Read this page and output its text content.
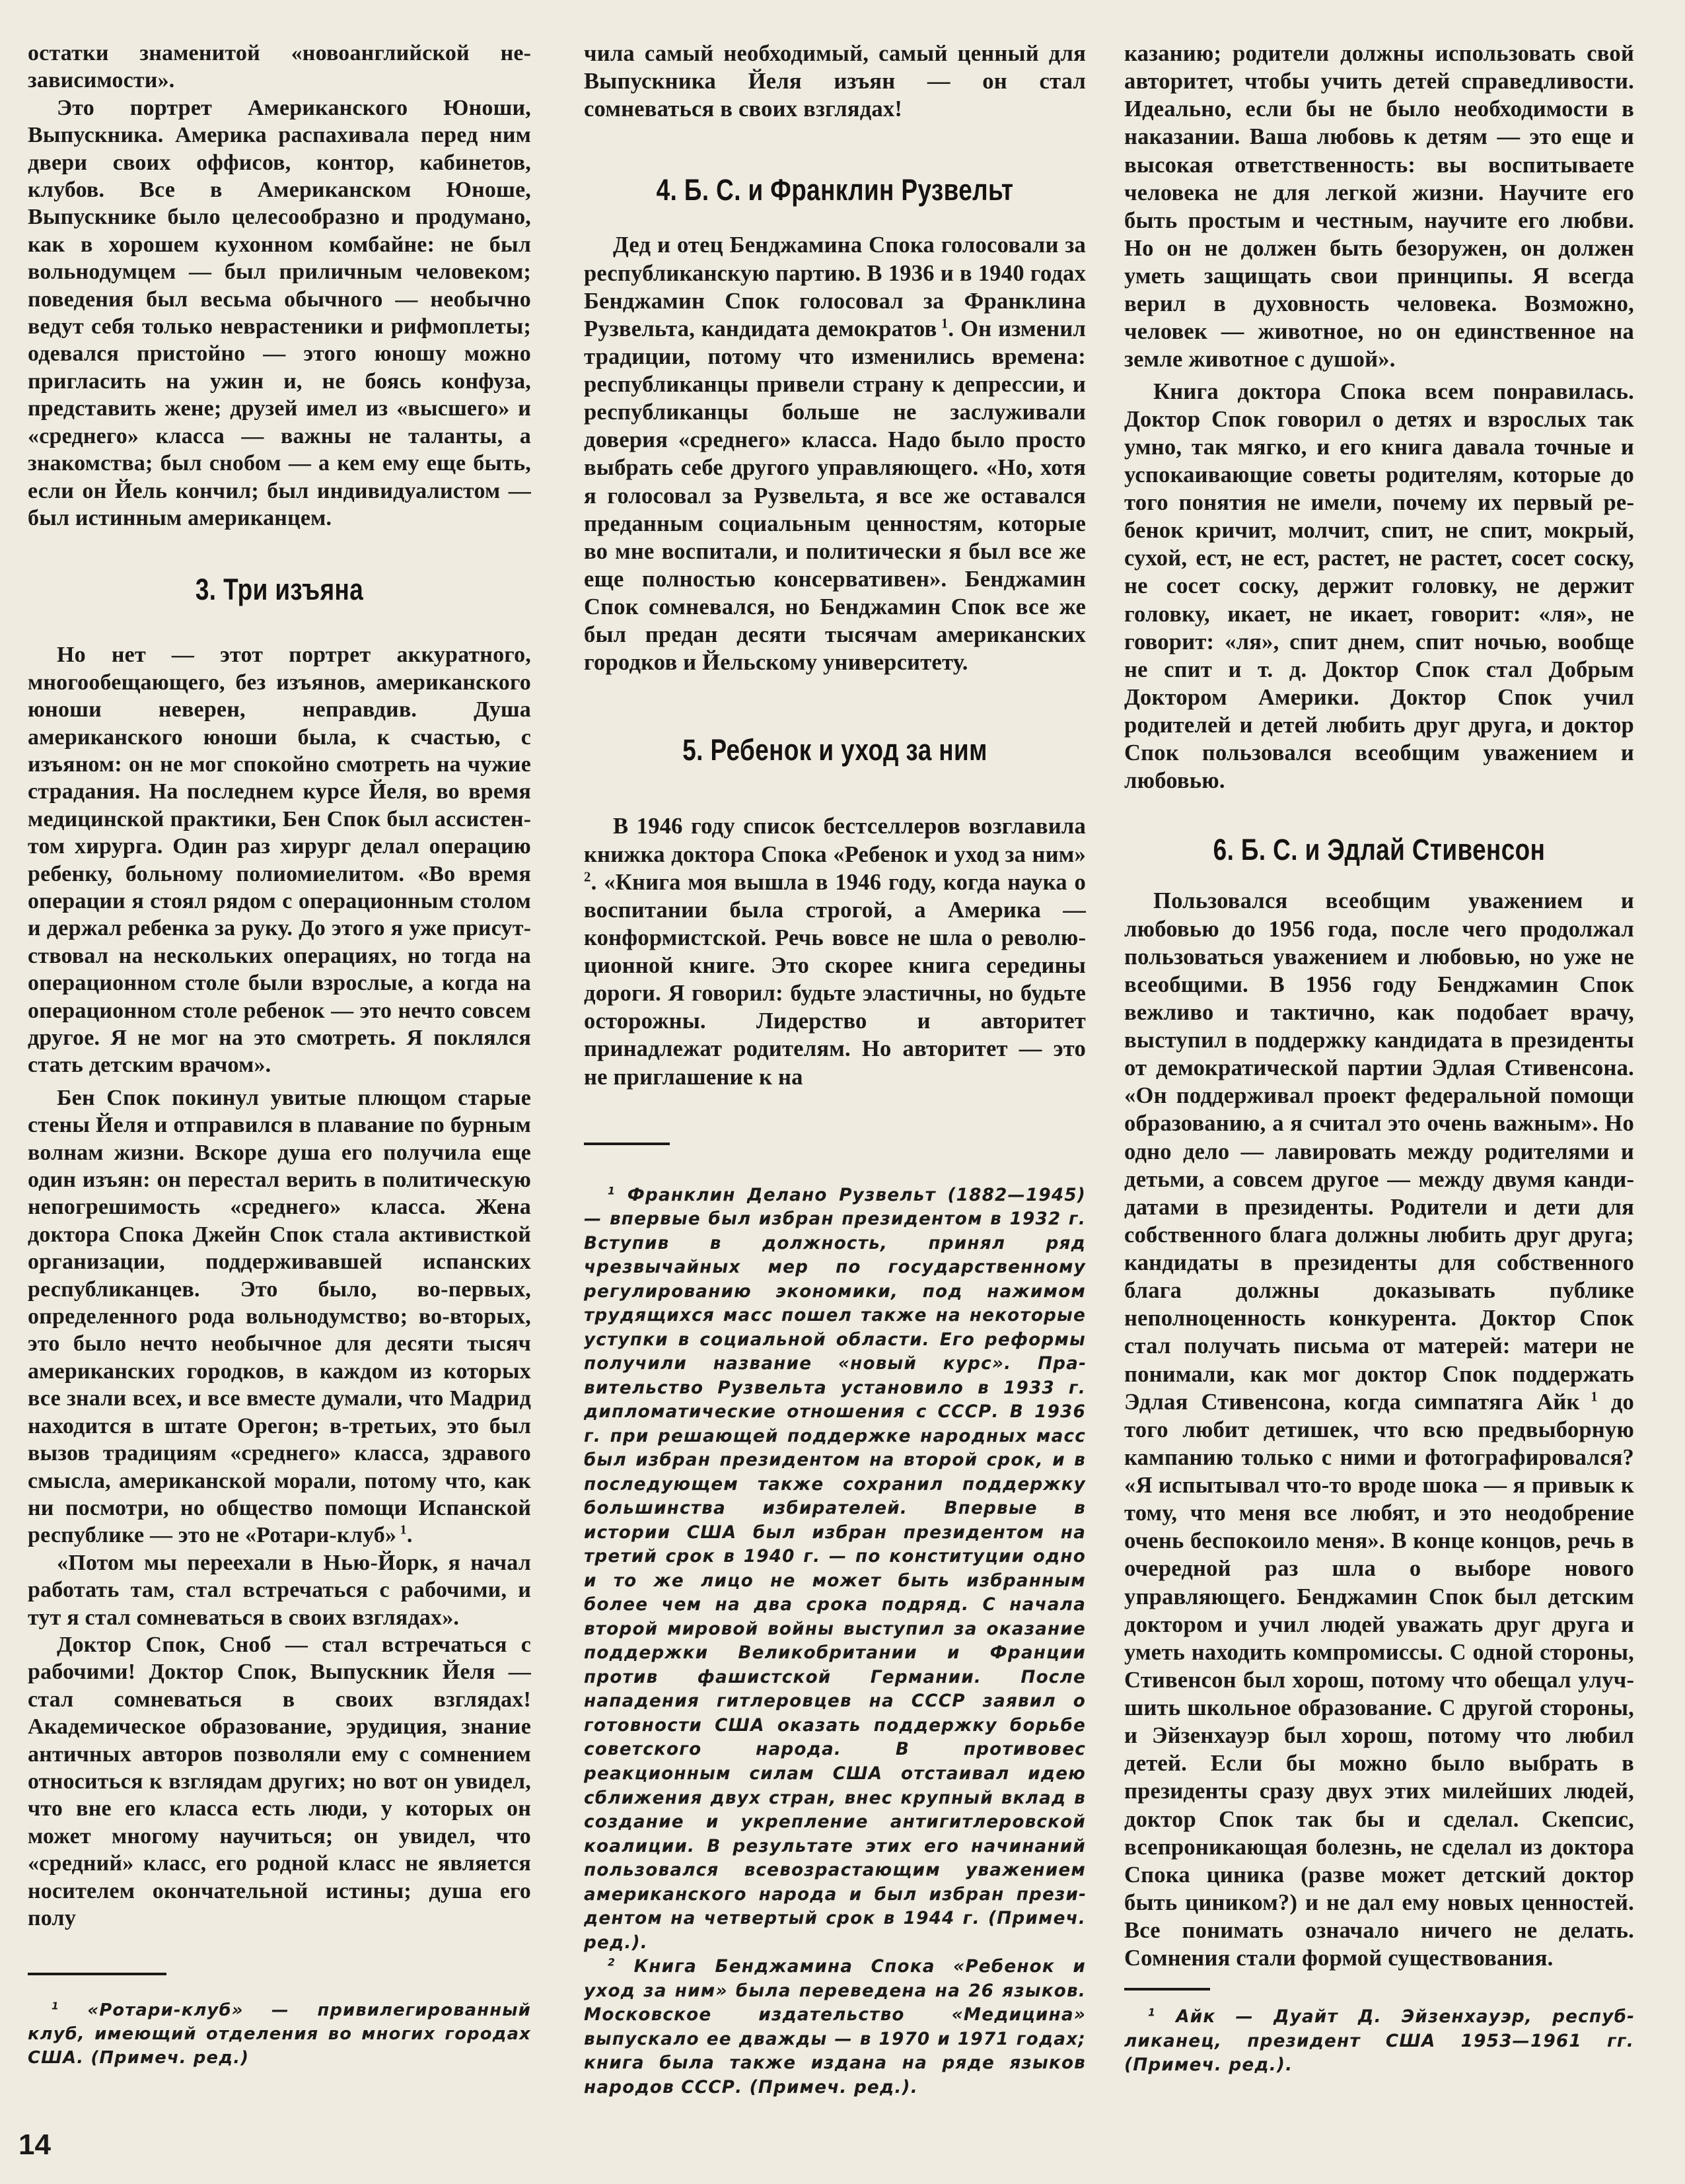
остатки знаменитой «новоанглийской независимости».

Это портрет Американского Юноши, Выпускника. Америка распахивала перед ним двери своих оффисов, контор, кабинетов, клубов. Все в Американском Юноше, Выпускнике было целесообразно и продумано, как в хорошем кухонном комбайне: не был вольнодумцем — был приличным человеком; поведения был весьма обычного — необычно ведут себя только неврастеники и рифмоплеты; одевался пристойно — этого юношу можно пригласить на ужин и, не боясь конфуза, представить жене; друзей имел из «высшего» и «среднего» класса — важны не таланты, а знакомства; был снобом — а кем ему еще быть, если он Йель кончил; был индивидуалистом — был истинным американцем.

3. Три изъяна

Но нет — этот портрет аккуратного, многообещающего, без изъянов, американского юноши неверен, неправдив. Душа американского юноши была, к счастью, с изъяном: он не мог спокойно смотреть на чужие страдания. На последнем курсе Йеля, во время медицинской практики, Бен Спок был ассистентом хирурга. Один раз хирург делал операцию ребенку, больному полиомиелитом. «Во время операции я стоял рядом с операционным столом и держал ребенка за руку. До этого я уже присутствовал на нескольких операциях, но тогда на операционном столе были взрослые, а когда на операционном столе ребенок — это нечто совсем другое. Я не мог на это смотреть. Я поклялся стать детским врачом».

Бен Спок покинул увитые плющом старые стены Йеля и отправился в плавание по бурным волнам жизни. Вскоре душа его получила еще один изъян: он перестал верить в политическую непогрешимость «среднего» класса. Жена доктора Спока Джейн Спок стала активисткой организации, поддерживавшей испанских республиканцев. Это было, во-первых, определенного рода вольнодумство; во-вторых, это было нечто необычное для десяти тысяч американских городков, в каждом из которых все знали всех, и все вместе думали, что Мадрид находится в штате Орегон; в-третьих, это был вызов традициям «среднего» класса, здравого смысла, американской морали, потому что, как ни посмотри, но общество помощи Испанской республике — это не «Ротари-клуб» $^1$.

«Потом мы переехали в Нью-Йорк, я начал работать там, стал встречаться с рабочими, и тут я стал сомневаться в своих взглядах».

Доктор Спок, Сноб — стал встречаться с рабочими! Доктор Спок, Выпускник Йеля — стал сомневаться в своих взглядах! Академическое образование, эрудиция, знание античных авторов позволяли ему с сомнением относиться к взглядам других; но вот он увидел, что вне его класса есть люди, у которых он может многому научиться; он увидел, что «средний» класс, его родной класс не является носителем окончательной истины; душа его полу

$^1$ «Ротари-клуб» — привилегированный клуб, имеющий отделения во многих городах США. (Примеч. ред.)

чила самый необходимый, самый ценный для Выпускника Йеля изъян — он стал сомневаться в своих взглядах!

4. Б. С. и Франклин Рузвельт

Дед и отец Бенджамина Спока голосовали за республиканскую партию. В 1936 и в 1940 годах Бенджамин Спок голосовал за Франклина Рузвельта, кандидата демократов $^1$. Он изменил традиции, потому что изменились времена: республиканцы привели страну к депрессии, и республиканцы больше не заслуживали доверия «среднего» класса. Надо было просто выбрать себе другого управляющего. «Но, хотя я голосовал за Рузвельта, я все же оставался преданным социальным ценностям, которые во мне воспитали, и политически я был все же еще полностью консервативен». Бенджамин Спок сомневался, но Бенджамин Спок все же был предан десяти тысячам американских городков и Йельскому университету.

5. Ребенок и уход за ним

В 1946 году список бестселлеров возглавила книжка доктора Спока «Ребенок и уход за ним» $^2$. «Книга моя вышла в 1946 году, когда наука о воспитании была строгой, а Америка — конформистской. Речь вовсе не шла о революционной книге. Это скорее книга середины дороги. Я говорил: будьте эластичны, но будьте осторожны. Лидерство и авторитет принадлежат родителям. Но авторитет — это не приглашение к на

$^1$ Франклин Делано Рузвельт (1882—1945) — впервые был избран президентом в 1932 г. Вступив в должность, принял ряд чрезвычайных мер по государственному регулированию экономики, под нажимом трудящихся масс пошел также на некоторые уступки в социальной области. Его реформы получили название «новый курс». Правительство Рузвельта установило в 1933 г. дипломатические отношения с СССР. В 1936 г. при решающей поддержке народных масс был избран президентом на второй срок, и в последующем также сохранил поддержку большинства избирателей. Впервые в истории США был избран президентом на третий срок в 1940 г. — по конституции одно и то же лицо не может быть избранным более чем на два срока подряд. С начала второй мировой войны выступил за оказание поддержки Великобритании и Франции против фашистской Германии. После нападения гитлеровцев на СССР заявил о готовности США оказать поддержку борьбе советского народа. В противовес реакционным силам США отстаивал идею сближения двух стран, внес крупный вклад в создание и укрепление антигитлеровской коалиции. В результате этих его начинаний пользовался всевозрастающим уважением американского народа и был избран президентом на четвертый срок в 1944 г. (Примеч. ред.).

$^2$ Книга Бенджамина Спока «Ребенок и уход за ним» была переведена на 26 языков. Московское издательство «Медицина» выпускало ее дважды — в 1970 и 1971 годах; книга была также издана на ряде языков народов СССР. (Примеч. ред.).

казанию; родители должны использовать свой авторитет, чтобы учить детей справедливости. Идеально, если бы не было необходимости в наказании. Ваша любовь к детям — это еще и высокая ответственность: вы воспитываете человека не для легкой жизни. Научите его быть простым и честным, научите его любви. Но он не должен быть безоружен, он должен уметь защищать свои принципы. Я всегда верил в духовность человека. Возможно, человек — животное, но он единственное на земле животное с душой».

Книга доктора Спока всем понравилась. Доктор Спок говорил о детях и взрослых так умно, так мягко, и его книга давала точные и успокаивающие советы родителям, которые до того понятия не имели, почему их первый ребенок кричит, молчит, спит, не спит, мокрый, сухой, ест, не ест, растет, не растет, сосет соску, не сосет соску, держит головку, не держит головку, икает, не икает, говорит: «ля», не говорит: «ля», спит днем, спит ночью, вообще не спит и т. д. Доктор Спок стал Добрым Доктором Америки. Доктор Спок учил родителей и детей любить друг друга, и доктор Спок пользовался всеобщим уважением и любовью.

6. Б. С. и Эдлай Стивенсон

Пользовался всеобщим уважением и любовью до 1956 года, после чего продолжал пользоваться уважением и любовью, но уже не всеобщими. В 1956 году Бенджамин Спок вежливо и тактично, как подобает врачу, выступил в поддержку кандидата в президенты от демократической партии Эдлая Стивенсона. «Он поддерживал проект федеральной помощи образованию, а я считал это очень важным». Но одно дело — лавировать между родителями и детьми, а совсем другое — между двумя кандидатами в президенты. Родители и дети для собственного блага должны любить друг друга; кандидаты в президенты для собственного блага должны доказывать публике неполноценность конкурента. Доктор Спок стал получать письма от матерей: матери не понимали, как мог доктор Спок поддержать Эдлая Стивенсона, когда симпатяга Айк $^1$ до того любит детишек, что всю предвыборную кампанию только с ними и фотографировался? «Я испытывал что-то вроде шока — я привык к тому, что меня все любят, и это неодобрение очень беспокоило меня». В конце концов, речь в очередной раз шла о выборе нового управляющего. Бенджамин Спок был детским доктором и учил людей уважать друг друга и уметь находить компромиссы. С одной стороны, Стивенсон был хорош, потому что обещал улучшить школьное образование. С другой стороны, и Эйзенхауэр был хорош, потому что любил детей. Если бы можно было выбрать в президенты сразу двух этих милейших людей, доктор Спок так бы и сделал. Скепсис, всепроникающая болезнь, не сделал из доктора Спока циника (разве может детский доктор быть циником?) и не дал ему новых ценностей. Все понимать означало ничего не делать. Сомнения стали формой существования.

$^1$ Айк — Дуайт Д. Эйзенхауэр, республиканец, президент США 1953—1961 гг. (Примеч. ред.).

14
